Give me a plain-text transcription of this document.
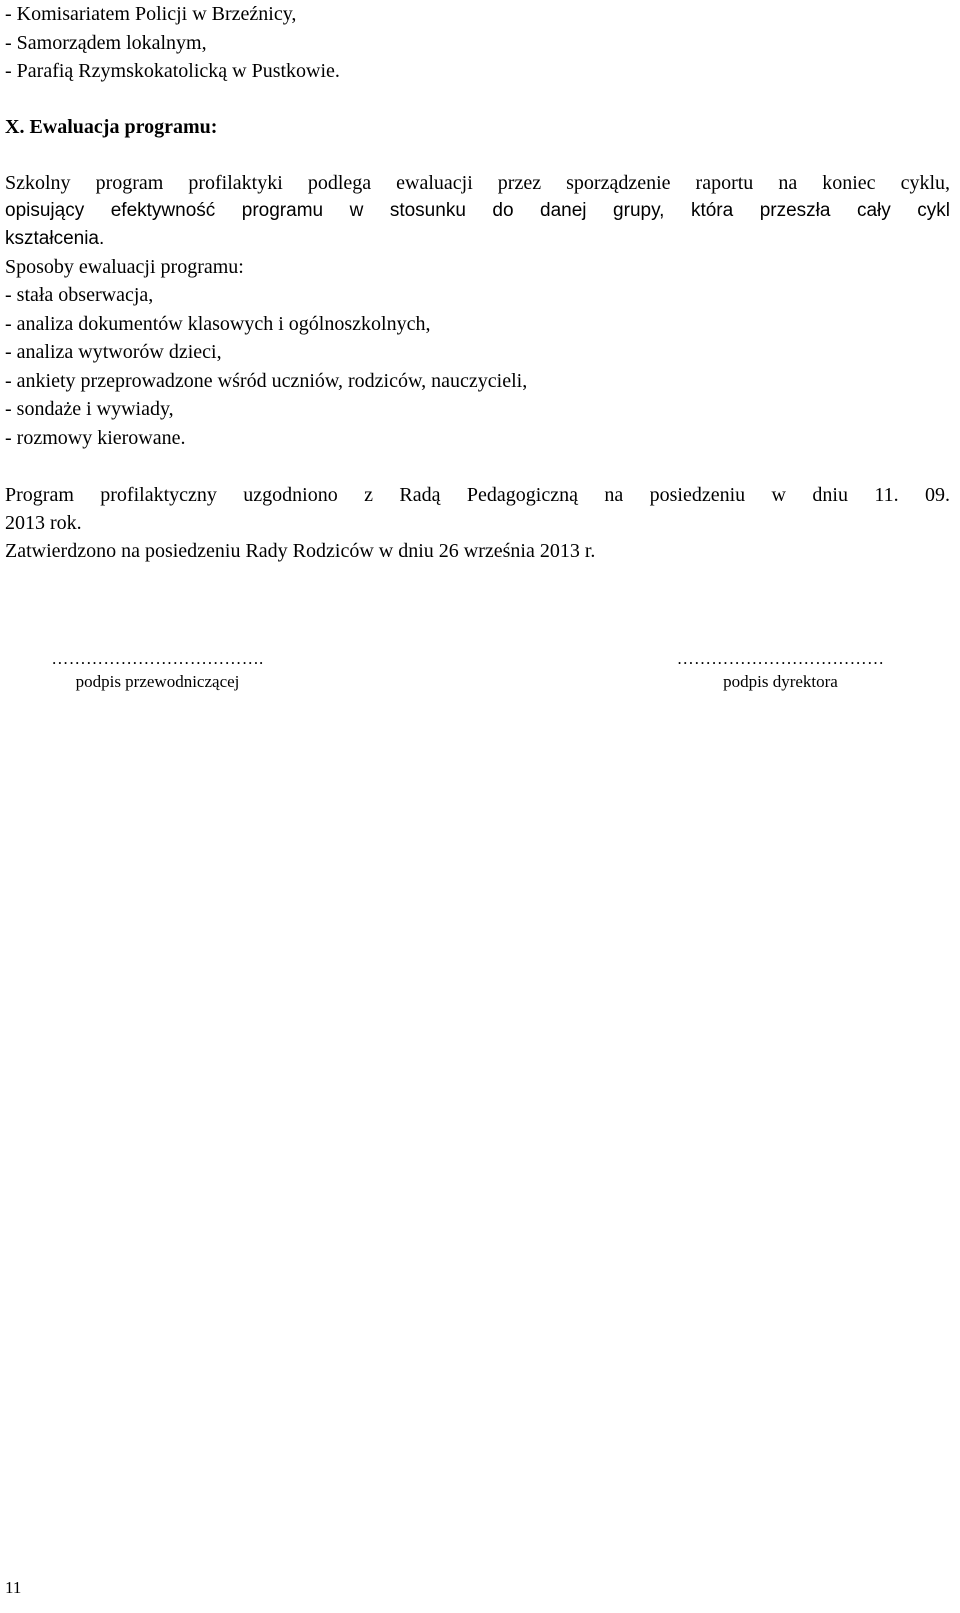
- Komisariatem Policji w Brzeźnicy,
- Samorządem lokalnym,
- Parafią Rzymskokatolicką w Pustkowie.
X. Ewaluacja programu:
Szkolny program profilaktyki podlega ewaluacji przez sporządzenie raportu na koniec cyklu,
opisujący efektywność programu w stosunku do danej grupy, która przeszła cały cykl
kształcenia.
Sposoby ewaluacji programu:
- stała obserwacja,
- analiza dokumentów klasowych i ogólnoszkolnych,
- analiza wytworów dzieci,
- ankiety przeprowadzone wśród uczniów, rodziców, nauczycieli,
- sondaże i wywiady,
- rozmowy kierowane.
Program profilaktyczny uzgodniono z Radą Pedagogiczną na posiedzeniu w dniu 11. 09.
2013 rok.
Zatwierdzono na posiedzeniu Rady Rodziców w dniu 26 września 2013 r.
……………………………….
podpis przewodniczącej
………………………………
podpis dyrektora
11
